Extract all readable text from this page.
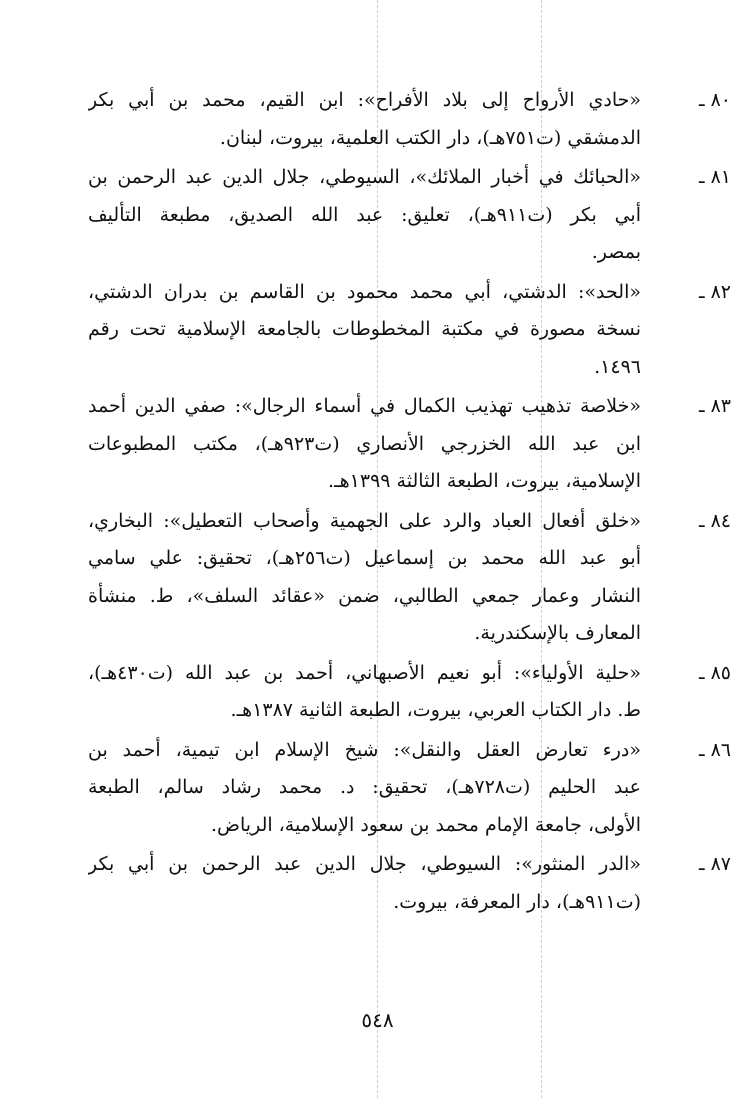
٨٠ ـ
«حادي الأرواح إلى بلاد الأفراح»: ابن القيم، محمد بن أبي بكر
الدمشقي (ت٧٥١هـ)، دار الكتب العلمية، بيروت، لبنان.
٨١ ـ
«الحبائك في أخبار الملائك»، السيوطي، جلال الدين عبد الرحمن بن
أبي بكر (ت٩١١هـ)، تعليق: عبد الله الصديق، مطبعة التأليف
بمصر.
٨٢ ـ
«الحد»: الدشتي، أبي محمد محمود بن القاسم بن بدران الدشتي،
نسخة مصورة في مكتبة المخطوطات بالجامعة الإسلامية تحت رقم
١٤٩٦.
٨٣ ـ
«خلاصة تذهيب تهذيب الكمال في أسماء الرجال»: صفي الدين أحمد
ابن عبد الله الخزرجي الأنصاري (ت٩٢٣هـ)، مكتب المطبوعات
الإسلامية، بيروت، الطبعة الثالثة ١٣٩٩هـ.
٨٤ ـ
«خلق أفعال العباد والرد على الجهمية وأصحاب التعطيل»: البخاري،
أبو عبد الله محمد بن إسماعيل (ت٢٥٦هـ)، تحقيق: علي سامي
النشار وعمار جمعي الطالبي، ضمن «عقائد السلف»، ط. منشأة
المعارف بالإسكندرية.
٨٥ ـ
«حلية الأولياء»: أبو نعيم الأصبهاني، أحمد بن عبد الله (ت٤٣٠هـ)،
ط. دار الكتاب العربي، بيروت، الطبعة الثانية ١٣٨٧هـ.
٨٦ ـ
«درء تعارض العقل والنقل»: شيخ الإسلام ابن تيمية، أحمد بن
عبد الحليم (ت٧٢٨هـ)، تحقيق: د. محمد رشاد سالم، الطبعة
الأولى، جامعة الإمام محمد بن سعود الإسلامية، الرياض.
٨٧ ـ
«الدر المنثور»: السيوطي، جلال الدين عبد الرحمن بن أبي بكر
(ت٩١١هـ)، دار المعرفة، بيروت.
٥٤٨
